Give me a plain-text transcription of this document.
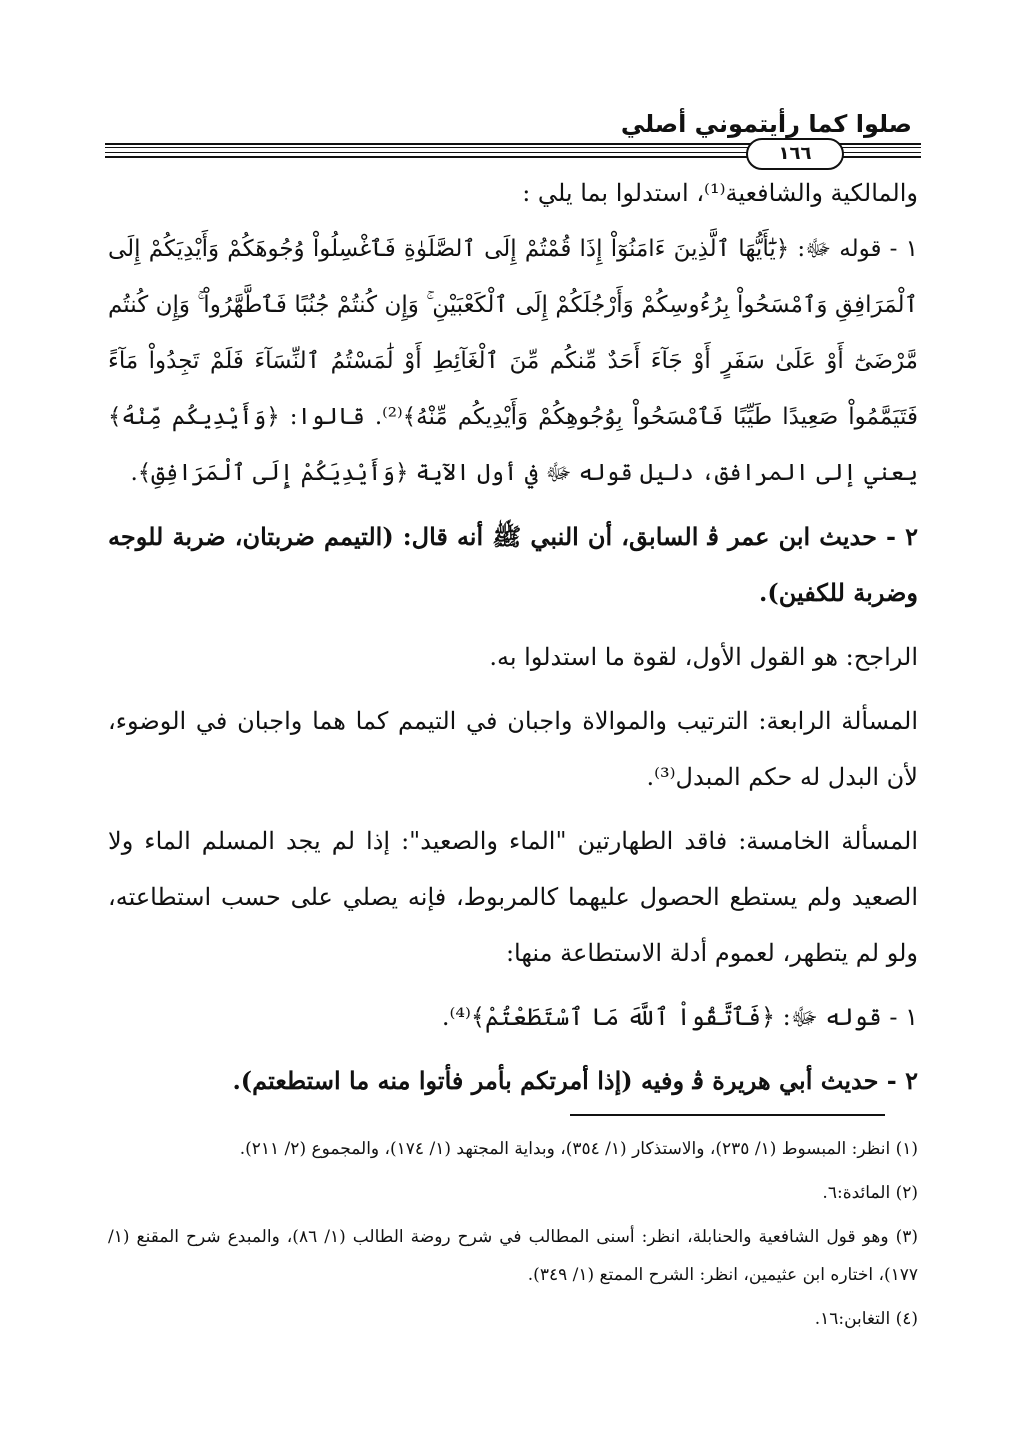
صلوا كما رأيتموني أصلي
١٦٦

والمالكية والشافعية⁽¹⁾، استدلوا بما يلي :

١ - قوله ﷻ: ﴿يَٰٓأَيُّهَا ٱلَّذِينَ ءَامَنُوٓاْ إِذَا قُمْتُمْ إِلَى ٱلصَّلَوٰةِ فَٱغْسِلُواْ وُجُوهَكُمْ وَأَيْدِيَكُمْ إِلَى ٱلْمَرَافِقِ وَٱمْسَحُواْ بِرُءُوسِكُمْ وَأَرْجُلَكُمْ إِلَى ٱلْكَعْبَيْنِ ۚ وَإِن كُنتُمْ جُنُبًا فَٱطَّهَّرُواْ ۚ وَإِن كُنتُم مَّرْضَىٰٓ أَوْ عَلَىٰ سَفَرٍ أَوْ جَآءَ أَحَدٌ مِّنكُم مِّنَ ٱلْغَآئِطِ أَوْ لَٰمَسْتُمُ ٱلنِّسَآءَ فَلَمْ تَجِدُواْ مَآءً فَتَيَمَّمُواْ صَعِيدًا طَيِّبًا فَٱمْسَحُواْ بِوُجُوهِكُمْ وَأَيْدِيكُم مِّنْهُ﴾⁽²⁾. قالوا: ﴿وَأَيْدِيكُم مِّنْهُ﴾ يعني إلى المرافق، دليل قوله ﷻ في أول الآية ﴿وَأَيْدِيَكُمْ إِلَى ٱلْمَرَافِقِ﴾.

٢ - حديث ابن عمر ﭬ السابق، أن النبي ﷺ أنه قال: (التيمم ضربتان، ضربة للوجه وضربة للكفين).

الراجح: هو القول الأول، لقوة ما استدلوا به.

المسألة الرابعة: الترتيب والموالاة واجبان في التيمم كما هما واجبان في الوضوء، لأن البدل له حكم المبدل⁽³⁾.

المسألة الخامسة: فاقد الطهارتين "الماء والصعيد": إذا لم يجد المسلم الماء ولا الصعيد ولم يستطع الحصول عليهما كالمربوط، فإنه يصلي على حسب استطاعته، ولو لم يتطهر، لعموم أدلة الاستطاعة منها:

١ - قوله ﷻ: ﴿فَٱتَّقُواْ ٱللَّهَ مَا ٱسْتَطَعْتُمْ﴾⁽⁴⁾.

٢ - حديث أبي هريرة ﭬ وفيه (إذا أمرتكم بأمر فأتوا منه ما استطعتم).

(١) انظر: المبسوط (١/ ٢٣٥)، والاستذكار (١/ ٣٥٤)، وبداية المجتهد (١/ ١٧٤)، والمجموع (٢/ ٢١١).

(٢) المائدة:٦.

(٣) وهو قول الشافعية والحنابلة، انظر: أسنى المطالب في شرح روضة الطالب (١/ ٨٦)، والمبدع شرح المقنع (١/ ١٧٧)، اختاره ابن عثيمين، انظر: الشرح الممتع (١/ ٣٤٩).

(٤) التغابن:١٦.
